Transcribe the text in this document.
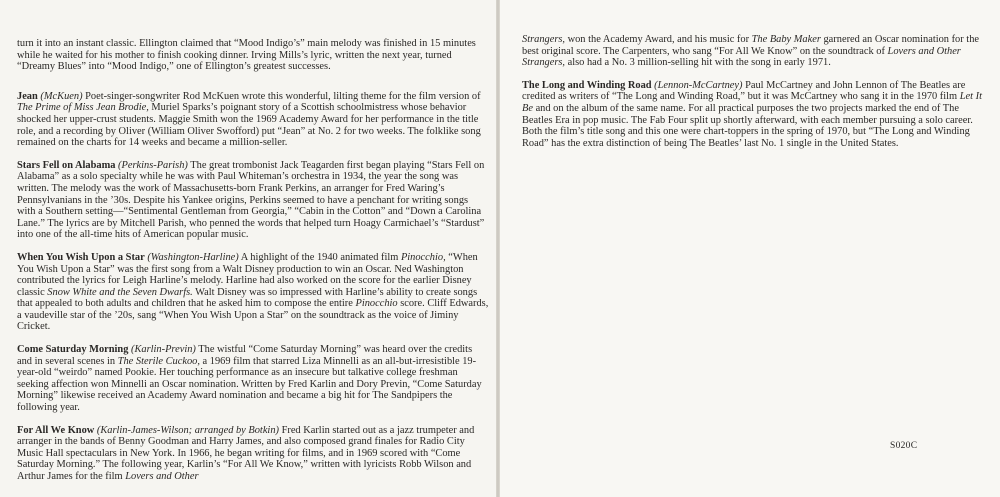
turn it into an instant classic. Ellington claimed that “Mood Indigo’s” main melody was finished in 15 minutes while he waited for his mother to finish cooking dinner. Irving Mills’s lyric, written the next year, turned “Dreamy Blues” into “Mood Indigo,” one of Ellington’s greatest successes.

Jean (McKuen) Poet-singer-songwriter Rod McKuen wrote this wonderful, lilting theme for the film version of The Prime of Miss Jean Brodie, Muriel Sparks’s poignant story of a Scottish schoolmistress whose behavior shocked her upper-crust students. Maggie Smith won the 1969 Academy Award for her performance in the title role, and a recording by Oliver (William Oliver Swofford) put “Jean” at No. 2 for two weeks. The folklike song remained on the charts for 14 weeks and became a million-seller.

Stars Fell on Alabama (Perkins-Parish) The great trombonist Jack Teagarden first began playing “Stars Fell on Alabama” as a solo specialty while he was with Paul Whiteman’s orchestra in 1934, the year the song was written. The melody was the work of Massachusetts-born Frank Perkins, an arranger for Fred Waring’s Pennsylvanians in the ’30s. Despite his Yankee origins, Perkins seemed to have a penchant for writing songs with a Southern setting—“Sentimental Gentleman from Georgia,” “Cabin in the Cotton” and “Down a Carolina Lane.” The lyrics are by Mitchell Parish, who penned the words that helped turn Hoagy Carmichael’s “Stardust” into one of the all-time hits of American popular music.

When You Wish Upon a Star (Washington-Harline) A highlight of the 1940 animated film Pinocchio, “When You Wish Upon a Star” was the first song from a Walt Disney production to win an Oscar. Ned Washington contributed the lyrics for Leigh Harline’s melody. Harline had also worked on the score for the earlier Disney classic Snow White and the Seven Dwarfs. Walt Disney was so impressed with Harline’s ability to create songs that appealed to both adults and children that he asked him to compose the entire Pinocchio score. Cliff Edwards, a vaudeville star of the ’20s, sang “When You Wish Upon a Star” on the soundtrack as the voice of Jiminy Cricket.

Come Saturday Morning (Karlin-Previn) The wistful “Come Saturday Morning” was heard over the credits and in several scenes in The Sterile Cuckoo, a 1969 film that starred Liza Minnelli as an all-but-irresistible 19-year-old “weirdo” named Pookie. Her touching performance as an insecure but talkative college freshman seeking affection won Minnelli an Oscar nomination. Written by Fred Karlin and Dory Previn, “Come Saturday Morning” likewise received an Academy Award nomination and became a big hit for The Sandpipers the following year.

For All We Know (Karlin-James-Wilson; arranged by Botkin) Fred Karlin started out as a jazz trumpeter and arranger in the bands of Benny Goodman and Harry James, and also composed grand finales for Radio City Music Hall spectaculars in New York. In 1966, he began writing for films, and in 1969 scored with “Come Saturday Morning.” The following year, Karlin’s “For All We Know,” written with lyricists Robb Wilson and Arthur James for the film Lovers and Other

Strangers, won the Academy Award, and his music for The Baby Maker garnered an Oscar nomination for the best original score. The Carpenters, who sang “For All We Know” on the soundtrack of Lovers and Other Strangers, also had a No. 3 million-selling hit with the song in early 1971.

The Long and Winding Road (Lennon-McCartney) Paul McCartney and John Lennon of The Beatles are credited as writers of “The Long and Winding Road,” but it was McCartney who sang it in the 1970 film Let It Be and on the album of the same name. For all practical purposes the two projects marked the end of The Beatles Era in pop music. The Fab Four split up shortly afterward, with each member pursuing a solo career. Both the film’s title song and this one were chart-toppers in the spring of 1970, but “The Long and Winding Road” has the extra distinction of being The Beatles’ last No. 1 single in the United States.

S020C
